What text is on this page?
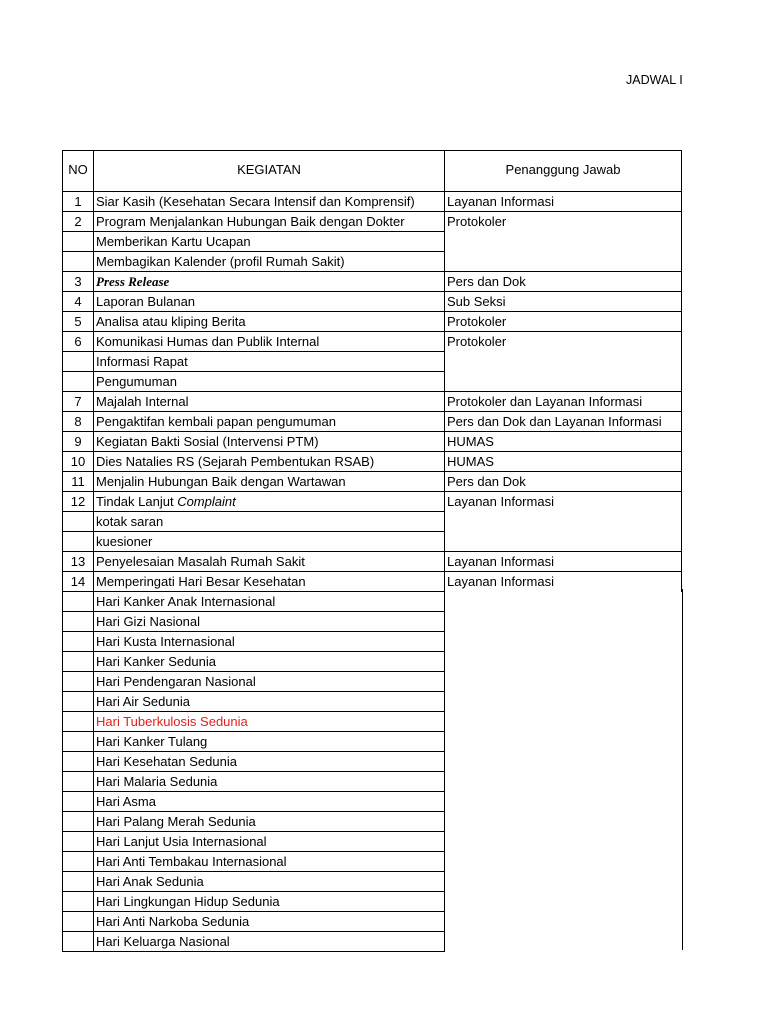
JADWAL I
NO	KEGIATAN	Penanggung Jawab
1	Siar Kasih (Kesehatan Secara Intensif dan Komprensif)	Layanan Informasi
2	Program Menjalankan Hubungan Baik dengan Dokter	Protokoler
Memberikan Kartu Ucapan
Membagikan Kalender (profil Rumah Sakit)
3	Press Release	Pers dan Dok
4	Laporan Bulanan	Sub Seksi
5	Analisa atau kliping Berita	Protokoler
6	Komunikasi Humas dan Publik Internal	Protokoler
Informasi Rapat
Pengumuman
7	Majalah Internal	Protokoler dan Layanan Informasi
8	Pengaktifan kembali papan pengumuman	Pers dan Dok dan Layanan Informasi
9	Kegiatan Bakti Sosial (Intervensi PTM)	HUMAS
10 Dies Natalies RS (Sejarah Pembentukan RSAB)	HUMAS
11 Menjalin Hubungan Baik dengan Wartawan	Pers dan Dok
12 Tindak Lanjut Complaint	Layanan Informasi
kotak saran
kuesioner
13 Penyelesaian Masalah Rumah Sakit	Layanan Informasi
14 Memperingati Hari Besar Kesehatan	Layanan Informasi
Hari Kanker Anak Internasional
Hari Gizi Nasional
Hari Kusta Internasional
Hari Kanker Sedunia
Hari Pendengaran Nasional
Hari Air Sedunia
Hari Tuberkulosis Sedunia
Hari Kanker Tulang
Hari Kesehatan Sedunia
Hari Malaria Sedunia
Hari Asma
Hari Palang Merah Sedunia
Hari Lanjut Usia Internasional
Hari Anti Tembakau Internasional
Hari Anak Sedunia
Hari Lingkungan Hidup Sedunia
Hari Anti Narkoba Sedunia
Hari Keluarga Nasional
